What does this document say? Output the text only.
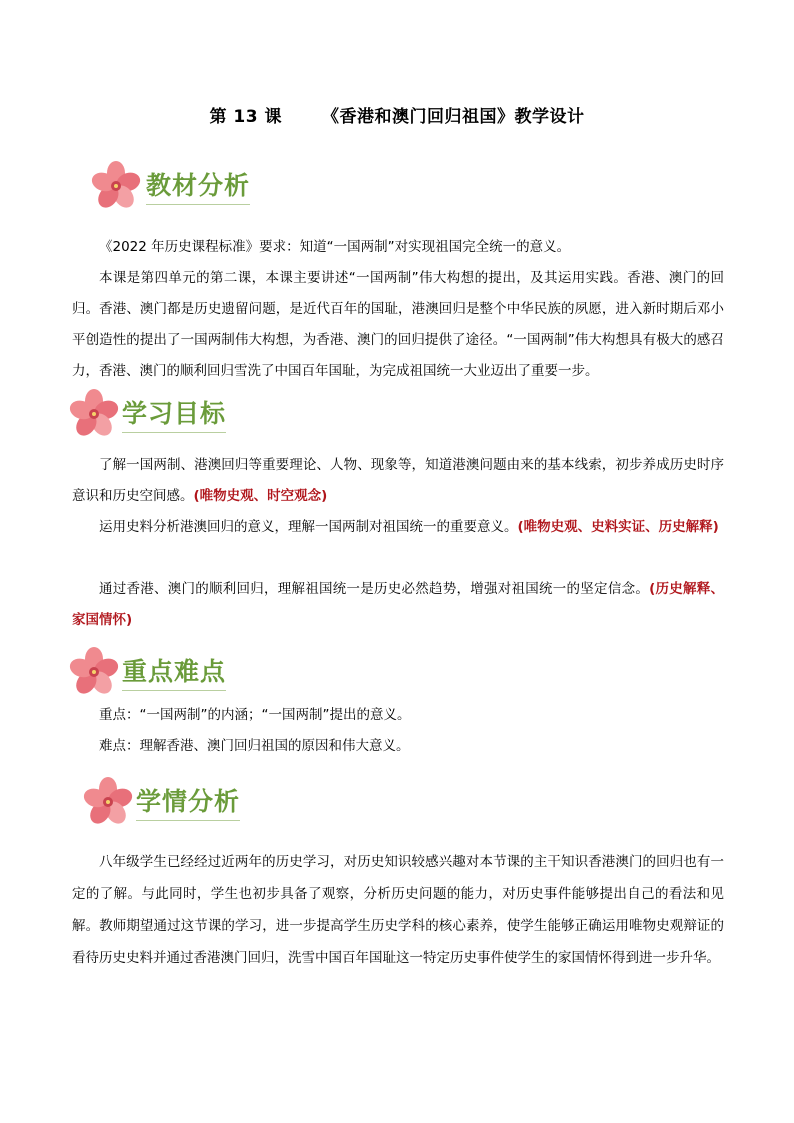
第 13 课 《香港和澳门回归祖国》教学设计
教材分析

《2022 年历史课程标准》要求：知道“一国两制”对实现祖国完全统一的意义。

本课是第四单元的第二课，本课主要讲述“一国两制”伟大构想的提出，及其运用实践。香港、澳门的回归。香港、澳门都是历史遗留问题，是近代百年的国耻，港澳回归是整个中华民族的夙愿，进入新时期后邓小平创造性的提出了一国两制伟大构想，为香港、澳门的回归提供了途径。“一国两制”伟大构想具有极大的感召力，香港、澳门的顺利回归雪洗了中国百年国耻，为完成祖国统一大业迈出了重要一步。

学习目标

了解一国两制、港澳回归等重要理论、人物、现象等，知道港澳问题由来的基本线索，初步养成历史时序意识和历史空间感。(唯物史观、时空观念)

运用史料分析港澳回归的意义，理解一国两制对祖国统一的重要意义。(唯物史观、史料实证、历史解释)

通过香港、澳门的顺利回归，理解祖国统一是历史必然趋势，增强对祖国统一的坚定信念。(历史解释、家国情怀)

重点难点

重点：“一国两制”的内涵；“一国两制”提出的意义。

难点：理解香港、澳门回归祖国的原因和伟大意义。

学情分析

八年级学生已经经过近两年的历史学习，对历史知识较感兴趣对本节课的主干知识香港澳门的回归也有一定的了解。与此同时，学生也初步具备了观察，分析历史问题的能力，对历史事件能够提出自己的看法和见解。教师期望通过这节课的学习，进一步提高学生历史学科的核心素养，使学生能够正确运用唯物史观辩证的看待历史史料并通过香港澳门回归，洗雪中国百年国耻这一特定历史事件使学生的家国情怀得到进一步升华。
